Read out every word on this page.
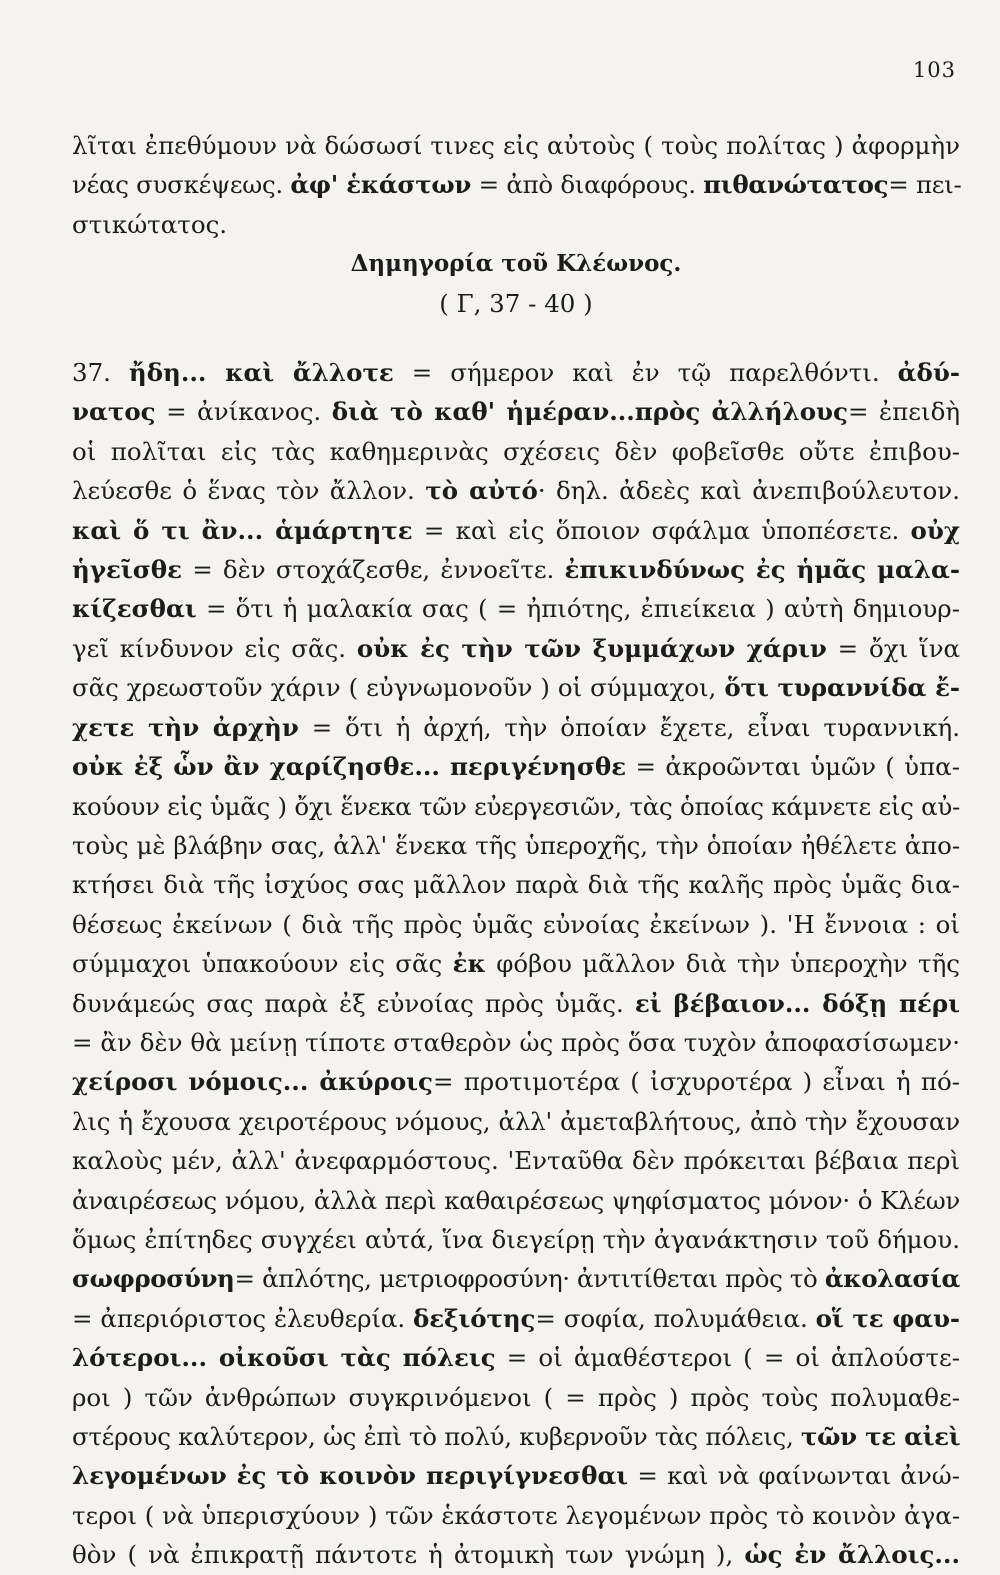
103
λῖται ἐπεθύμουν νὰ δώσωσί τινες εἰς αὐτοὺς ( τοὺς πολίτας ) ἀφορμὴν
νέας συσκέψεως. ἀφ' ἑκάστων = ἀπὸ διαφόρους. πιθανώτατος= πει-
στικώτατος.
Δημηγορία τοῦ Κλέωνος.
( Γ, 37 - 40 )
37. ἤδη... καὶ ἄλλοτε = σήμερον καὶ ἐν τῷ παρελθόντι. ἀδύ-
νατος = ἀνίκανος. διὰ τὸ καθ' ἡμέραν...πρὸς ἀλλήλους= ἐπειδὴ
οἱ πολῖται εἰς τὰς καθημερινὰς σχέσεις δὲν φοβεῖσθε οὔτε ἐπιβου-
λεύεσθε ὁ ἕνας τὸν ἄλλον. τὸ αὐτό· δηλ. ἀδεὲς καὶ ἀνεπιβούλευτον.
καὶ ὅ τι ἂν... ἁμάρτητε = καὶ εἰς ὅποιον σφάλμα ὑποπέσετε. οὐχ
ἡγεῖσθε = δὲν στοχάζεσθε, ἐννοεῖτε. ἐπικινδύνως ἐς ἡμᾶς μαλα-
κίζεσθαι = ὅτι ἡ μαλακία σας ( = ἠπιότης, ἐπιείκεια ) αὐτὴ δημιουρ-
γεῖ κίνδυνον εἰς σᾶς. οὐκ ἐς τὴν τῶν ξυμμάχων χάριν = ὄχι ἵνα
σᾶς χρεωστοῦν χάριν ( εὐγνωμονοῦν ) οἱ σύμμαχοι, ὅτι τυραννίδα ἔ-
χετε τὴν ἀρχὴν = ὅτι ἡ ἀρχή, τὴν ὁποίαν ἔχετε, εἶναι τυραννική.
οὐκ ἐξ ὧν ἂν χαρίζησθε... περιγένησθε = ἀκροῶνται ὑμῶν ( ὑπα-
κούουν εἰς ὑμᾶς ) ὄχι ἕνεκα τῶν εὐεργεσιῶν, τὰς ὁποίας κάμνετε εἰς αὐ-
τοὺς μὲ βλάβην σας, ἀλλ' ἕνεκα τῆς ὑπεροχῆς, τὴν ὁποίαν ἠθέλετε ἀπο-
κτήσει διὰ τῆς ἰσχύος σας μᾶλλον παρὰ διὰ τῆς καλῆς πρὸς ὑμᾶς δια-
θέσεως ἐκείνων ( διὰ τῆς πρὸς ὑμᾶς εὐνοίας ἐκείνων ). 'Η ἔννοια : οἱ
σύμμαχοι ὑπακούουν εἰς σᾶς ἐκ φόβου μᾶλλον διὰ τὴν ὑπεροχὴν τῆς
δυνάμεώς σας παρὰ ἐξ εὐνοίας πρὸς ὑμᾶς. εἰ βέβαιον... δόξῃ πέρι
= ἂν δὲν θὰ μείνῃ τίποτε σταθερὸν ὡς πρὸς ὅσα τυχὸν ἀποφασίσωμεν·
χείροσι νόμοις... ἀκύροις= προτιμοτέρα ( ἰσχυροτέρα ) εἶναι ἡ πό-
λις ἡ ἔχουσα χειροτέρους νόμους, ἀλλ' ἀμεταβλήτους, ἀπὸ τὴν ἔχουσαν
καλοὺς μέν, ἀλλ' ἀνεφαρμόστους. 'Ενταῦθα δὲν πρόκειται βέβαια περὶ
ἀναιρέσεως νόμου, ἀλλὰ περὶ καθαιρέσεως ψηφίσματος μόνον· ὁ Κλέων
ὅμως ἐπίτηδες συγχέει αὐτά, ἵνα διεγείρῃ τὴν ἀγανάκτησιν τοῦ δήμου.
σωφροσύνη= ἁπλότης, μετριοφροσύνη· ἀντιτίθεται πρὸς τὸ ἀκολασία
= ἀπεριόριστος ἐλευθερία. δεξιότης= σοφία, πολυμάθεια. οἵ τε φαυ-
λότεροι... οἰκοῦσι τὰς πόλεις = οἱ ἀμαθέστεροι ( = οἱ ἁπλούστε-
ροι ) τῶν ἀνθρώπων συγκρινόμενοι ( = πρὸς ) πρὸς τοὺς πολυμαθε-
στέρους καλύτερον, ὡς ἐπὶ τὸ πολύ, κυβερνοῦν τὰς πόλεις, τῶν τε αἰεὶ
λεγομένων ἐς τὸ κοινὸν περιγίγνεσθαι = καὶ νὰ φαίνωνται ἀνώ-
τεροι ( νὰ ὑπερισχύουν ) τῶν ἑκάστοτε λεγομένων πρὸς τὸ κοινὸν ἀγα-
θὸν ( νὰ ἐπικρατῇ πάντοτε ἡ ἀτομικὴ των γνώμη ), ὡς ἐν ἄλλοις...
